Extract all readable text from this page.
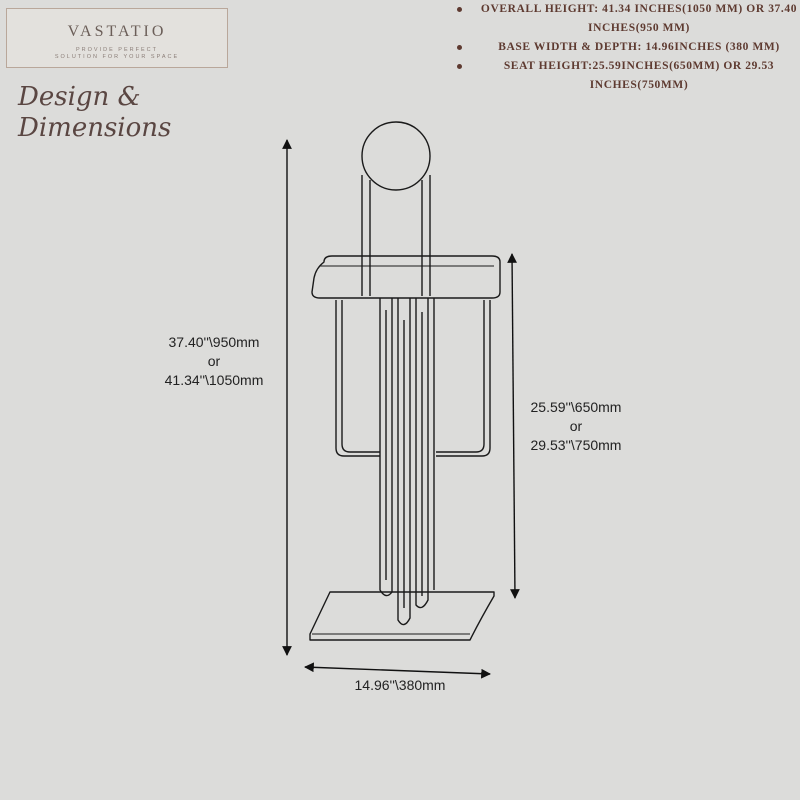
VASTATIO
PROVIDE PERFECT
SOLUTION FOR YOUR SPACE
Design &
Dimensions
OVERALL HEIGHT: 41.34 INCHES(1050 MM) OR 37.40 INCHES(950 MM)
BASE WIDTH & DEPTH: 14.96INCHES (380 MM)
SEAT HEIGHT:25.59INCHES(650MM) OR 29.53 INCHES(750MM)
37.40''\950mm
or
41.34''\1050mm
25.59''\650mm
or
29.53''\750mm
14.96''\380mm
